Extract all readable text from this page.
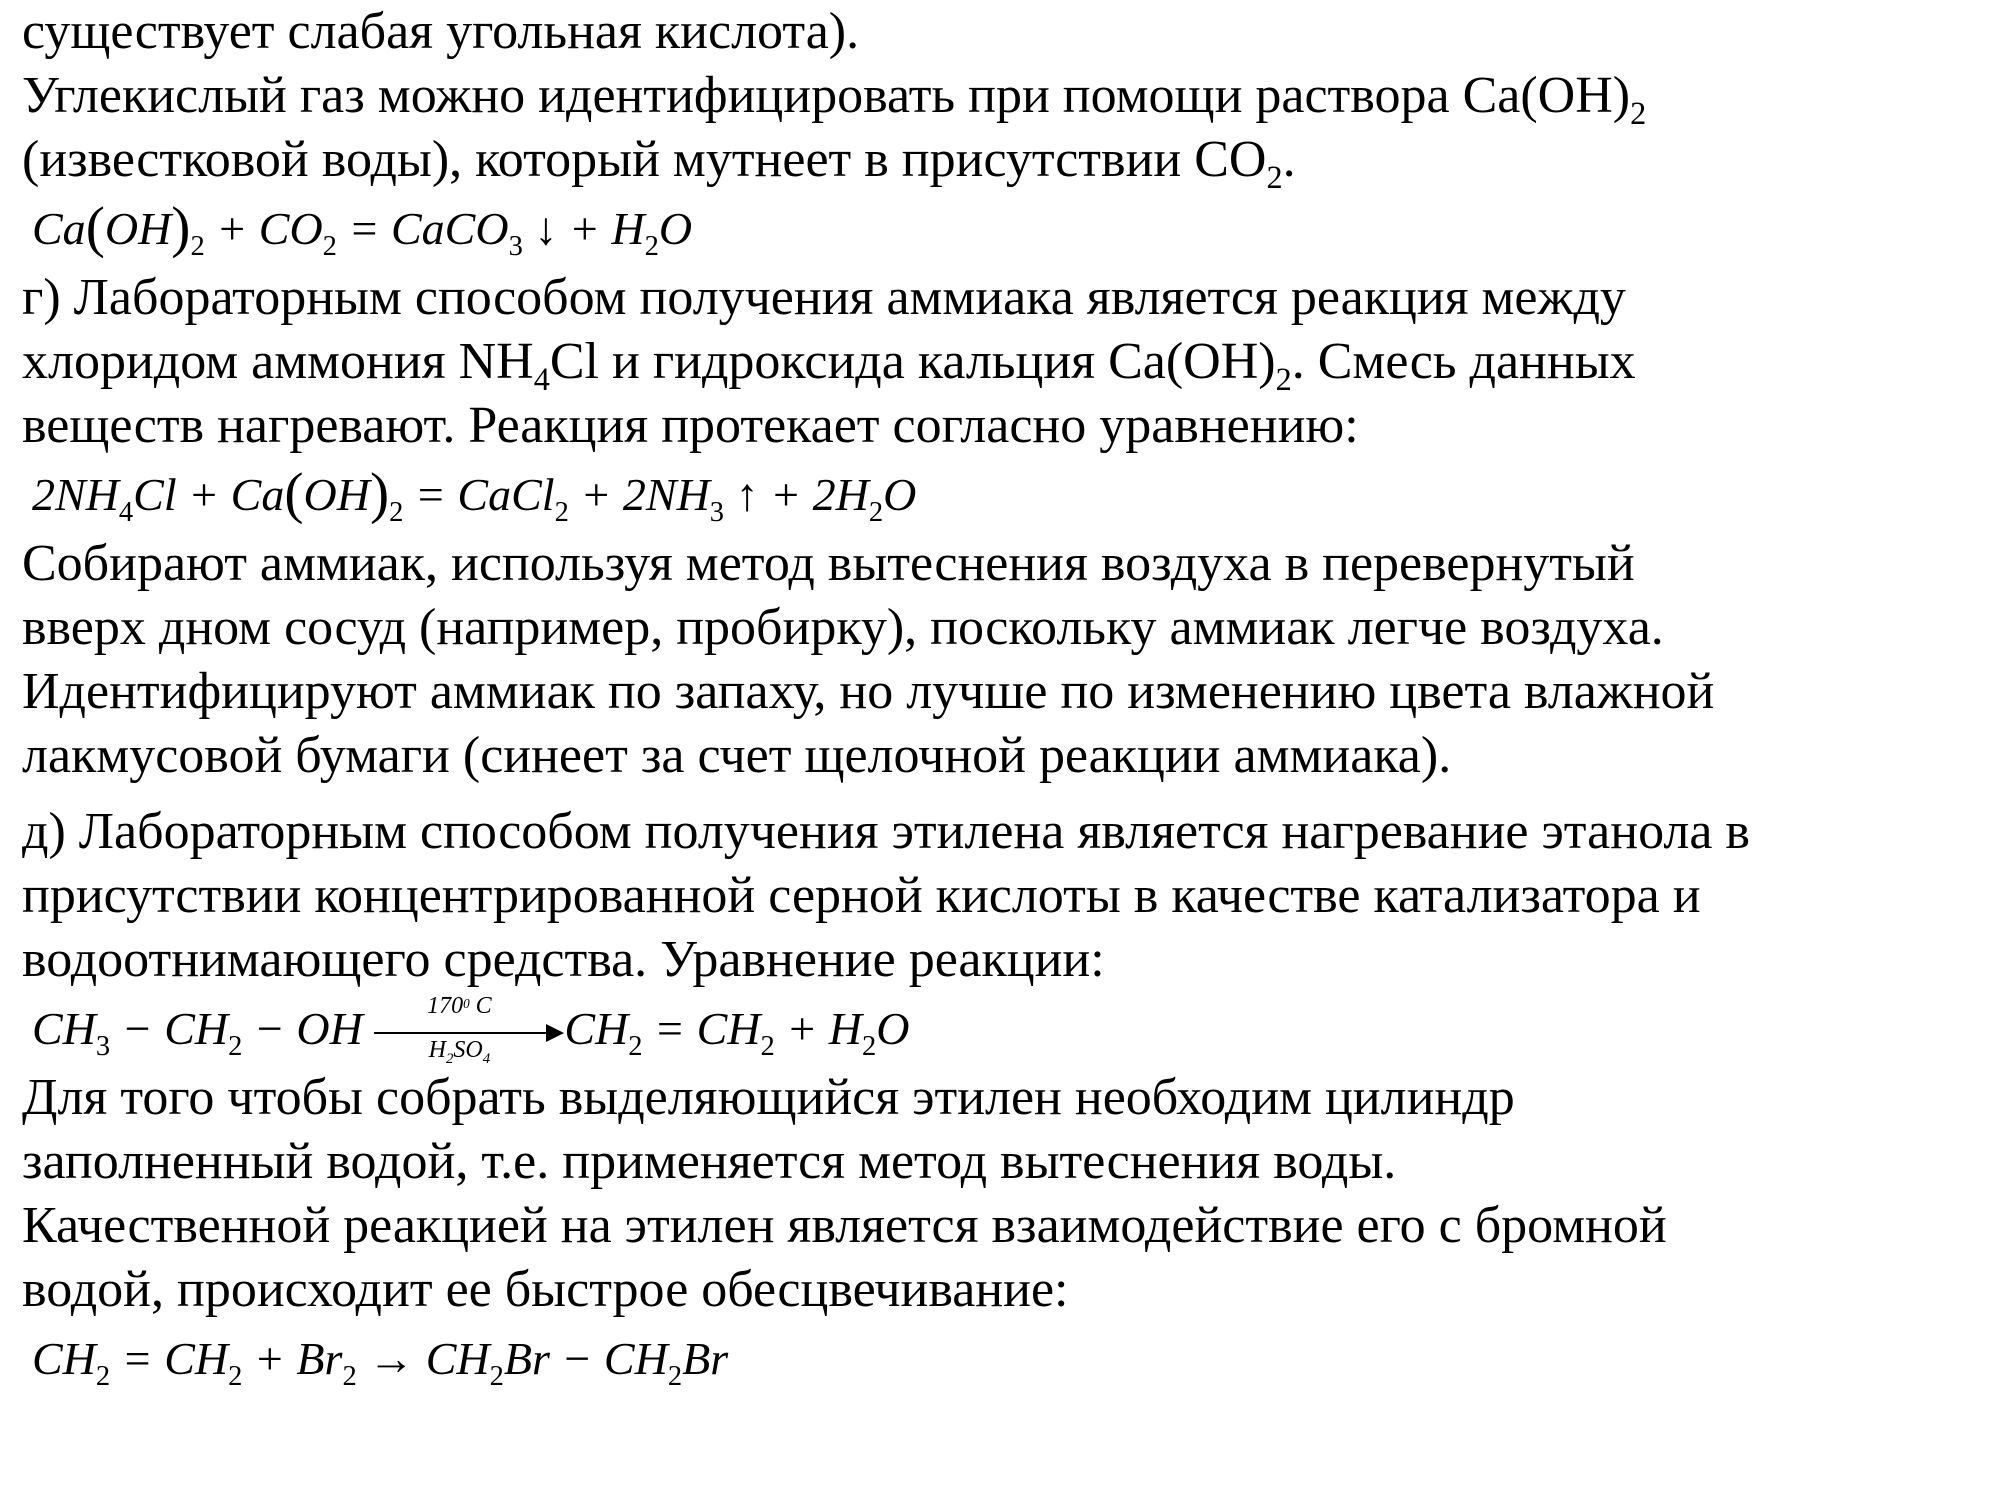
существует слабая угольная кислота).
Углекислый газ можно идентифицировать при помощи раствора $Ca(OH)_2$
(известковой воды), который мутнеет в присутствии $CO_2$.
$Ca(OH)_2 + CO_2$ = CaCO$_3$ ↓ + $H_2O$
г) Лабораторным способом получения аммиака является реакция между
хлоридом аммония $NH_4Cl$ и гидроксида кальция $Ca(OH)_2$. Смесь данных
веществ нагревают. Реакция протекает согласно уравнению:
$2NH_4Cl + Ca(OH)_2$ = CaCl$_2$ + $2NH_3$ ↑ + $2H_2O$
Собирают аммиак, используя метод вытеснения воздуха в перевернутый
вверх дном сосуд (например, пробирку), поскольку аммиак легче воздуха.
Идентифицируют аммиак по запаху, но лучше по изменению цвета влажной
лакмусовой бумаги (синеет за счет щелочной реакции аммиака).
д) Лабораторным способом получения этилена является нагревание этанола в
присутствии концентрированной серной кислоты в качестве катализатора и
водоотнимающего средства. Уравнение реакции:
$CH_3 - CH_2$ − OH $\frac{170^0 C}{H_2SO_4} CH_2 = CH_2 + H_2O$
Для того чтобы собрать выделяющийся этилен необходим цилиндр
заполненный водой, т.е. применяется метод вытеснения воды.
Качественной реакцией на этилен является взаимодействие его с бромной
водой, происходит ее быстрое обесцвечивание:
$CH_2 = CH_2 + Br_2 \to CH_2Br - CH_2Br$
